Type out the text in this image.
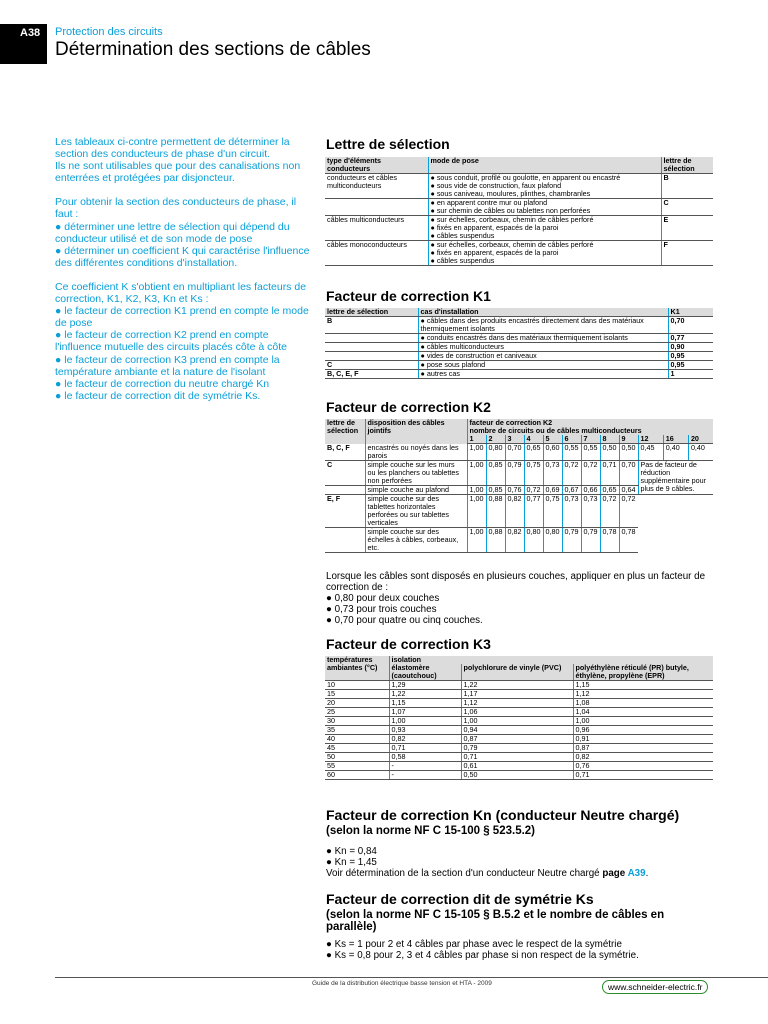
A38	Protection des circuits
Détermination des sections de câbles

Les tableaux ci-contre permettent de déterminer la section des conducteurs de phase d'un circuit.
Ils ne sont utilisables que pour des canalisations non enterrées et protégées par disjoncteur.

Pour obtenir la section des conducteurs de phase, il faut :
● déterminer une lettre de sélection qui dépend du conducteur utilisé et de son mode de pose
● déterminer un coefficient K qui caractérise l'influence des différentes conditions d'installation.

Ce coefficient K s'obtient en multipliant les facteurs de correction, K1, K2, K3, Kn et Ks :
● le facteur de correction K1 prend en compte le mode de pose
● le facteur de correction K2 prend en compte l'influence mutuelle des circuits placés côte à côte
● le facteur de correction K3 prend en compte la température ambiante et la nature de l'isolant
● le facteur de correction du neutre chargé Kn
● le facteur de correction dit de symétrie Ks.

Lettre de sélection
type d'éléments conducteurs	mode de pose	lettre de sélection
conducteurs et câbles multiconducteurs	● sous conduit, profilé ou goulotte, en apparent ou encastré
● sous vide de construction, faux plafond
● sous caniveau, moulures, plinthes, chambranles	B

	● en apparent contre mur ou plafond
● sur chemin de câbles ou tablettes non perforées	C
câbles multiconducteurs	● sur échelles, corbeaux, chemin de câbles perforé
● fixés en apparent, espacés de la paroi
● câbles suspendus	E
câbles monoconducteurs	● sur échelles, corbeaux, chemin de câbles perforé
● fixés en apparent, espacés de la paroi
● câbles suspendus	F
Facteur de correction K1
lettre de sélection	cas d'installation	K1
B	● câbles dans des produits encastrés directement dans des matériaux thermiquement isolants	0,70
	● conduits encastrés dans des matériaux thermiquement isolants	0,77
	● câbles multiconducteurs	0,90
	● vides de construction et caniveaux	0,95
C	● pose sous plafond	0,95
B, C, E, F	● autres cas	1
Facteur de correction K2
lettre de sélection	disposition des câbles jointifs	facteur de correction K2
nombre de circuits ou de câbles multiconducteurs											

		1	2	3	4	5	6	7	8	9	12	16	20
B, C, F	encastrés ou noyés dans les parois	1,00	0,80	0,70	0,65	0,60	0,55	0,55	0,50	0,50	0,45	0,40	0,40
C	simple couche sur les murs ou les planchers ou tablettes non perforées	1,00	0,85	0,79	0,75	0,73	0,72	0,72	0,71	0,70	Pas de facteur de réduction supplémentaire pour plus de 9 câbles.		
	simple couche au plafond	1,00	0,85	0,76	0,72	0,69	0,67	0,66	0,65	0,64			
E, F	simple couche sur des tablettes horizontales perforées ou sur tablettes verticales	1,00	0,88	0,82	0,77	0,75	0,73	0,73	0,72	0,72			
	simple couche sur des échelles à câbles, corbeaux, etc.	1,00	0,88	0,82	0,80	0,80	0,79	0,79	0,78	0,78			
Lorsque les câbles sont disposés en plusieurs couches, appliquer en plus un facteur de correction de :
● 0,80 pour deux couches
● 0,73 pour trois couches
● 0,70 pour quatre ou cinq couches.
Facteur de correction K3
températures ambiantes (°C)	isolation		
	élastomère (caoutchouc)	polychlorure de vinyle (PVC)	polyéthylène réticulé (PR) butyle, éthylène, propylène (EPR)
10	1,29	1,22	1,15
15	1,22	1,17	1,12
20	1,15	1,12	1,08
25	1,07	1,06	1,04
30	1,00	1,00	1,00
35	0,93	0,94	0,96
40	0,82	0,87	0,91
45	0,71	0,79	0,87
50	0,58	0,71	0,82
55	-	0,61	0,76
60	-	0,50	0,71
Facteur de correction Kn (conducteur Neutre chargé)
(selon la norme NF C 15-100 § 523.5.2)
● Kn = 0,84
● Kn = 1,45
Voir détermination de la section d'un conducteur Neutre chargé page A39.
Facteur de correction dit de symétrie Ks
(selon la norme NF C 15-105 § B.5.2 et le nombre de câbles en parallèle)
● Ks = 1 pour 2 et 4 câbles par phase avec le respect de la symétrie
● Ks = 0,8 pour 2, 3 et 4 câbles par phase si non respect de la symétrie.
Guide de la distribution électrique basse tension et HTA - 2009	www.schneider-electric.fr
